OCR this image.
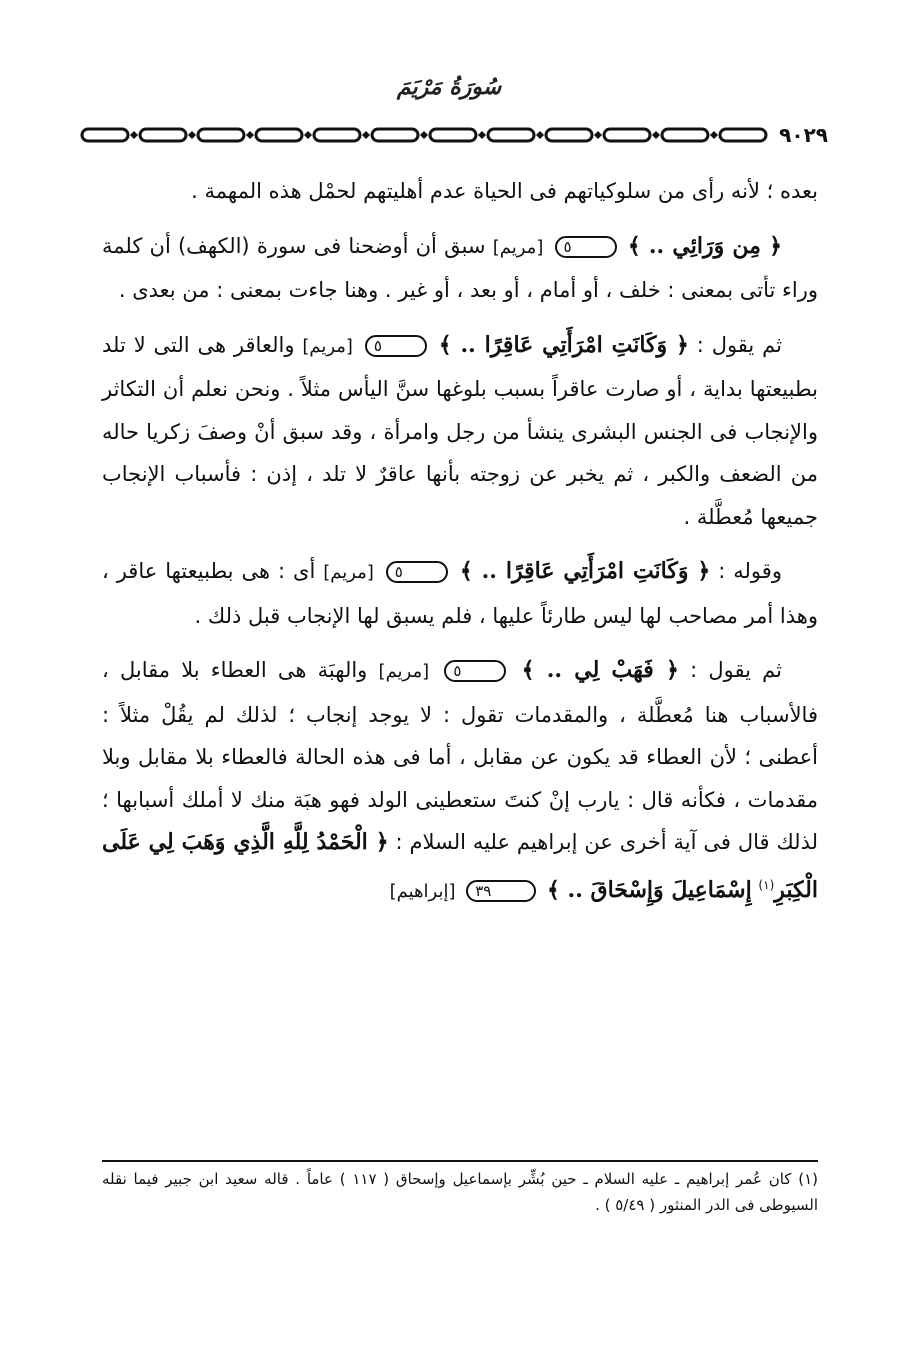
سُورَةُ مَرْيَمَ
٩٠٢٩

بعده ؛ لأنه رأى من سلوكياتهم فى الحياة عدم أهليتهم لحمْل هذه المهمة .

﴿ مِن وَرَائِي .. ﴾ ٥ [مريم] سبق أن أوضحنا فى سورة (الكهف) أن كلمة وراء تأتى بمعنى : خلف ، أو أمام ، أو بعد ، أو غير . وهنا جاءت بمعنى : من بعدى .

ثم يقول : ﴿ وَكَانَتِ امْرَأَتِي عَاقِرًا .. ﴾ ٥ [مريم] والعاقر هى التى لا تلد بطبيعتها بداية ، أو صارت عاقراً بسبب بلوغها سنَّ اليأس مثلاً . ونحن نعلم أن التكاثر والإنجاب فى الجنس البشرى ينشأ من رجل وامرأة ، وقد سبق أنْ وصفَ زكريا حاله من الضعف والكبر ، ثم يخبر عن زوجته بأنها عاقرٌ لا تلد ، إذن : فأسباب الإنجاب جميعها مُعطَّلة .

وقوله : ﴿ وَكَانَتِ امْرَأَتِي عَاقِرًا .. ﴾ ٥ [مريم] أى : هى بطبيعتها عاقر ، وهذا أمر مصاحب لها ليس طارئاً عليها ، فلم يسبق لها الإنجاب قبل ذلك .

ثم يقول : ﴿ فَهَبْ لِي .. ﴾ ٥ [مريم] والهبَة هى العطاء بلا مقابل ، فالأسباب هنا مُعطَّلة ، والمقدمات تقول : لا يوجد إنجاب ؛ لذلك لم يقُلْ مثلاً : أعطنى ؛ لأن العطاء قد يكون عن مقابل ، أما فى هذه الحالة فالعطاء بلا مقابل وبلا مقدمات ، فكأنه قال : يارب إنْ كنتَ ستعطينى الولد فهو هبَة منك لا أملك أسبابها ؛ لذلك قال فى آية أخرى عن إبراهيم عليه السلام : ﴿ الْحَمْدُ لِلَّهِ الَّذِي وَهَبَ لِي عَلَى الْكِبَرِ$^{(١)}$ إِسْمَاعِيلَ وَإِسْحَاقَ .. ﴾ ٣٩ [إبراهيم]

(١) كان عُمر إبراهيم ـ عليه السلام ـ حين بُشِّر بإسماعيل وإسحاق ( ١١٧ ) عاماً . قاله سعيد ابن جبير فيما نقله السيوطى فى الدر المنثور ( ٥/٤٩ ) .
